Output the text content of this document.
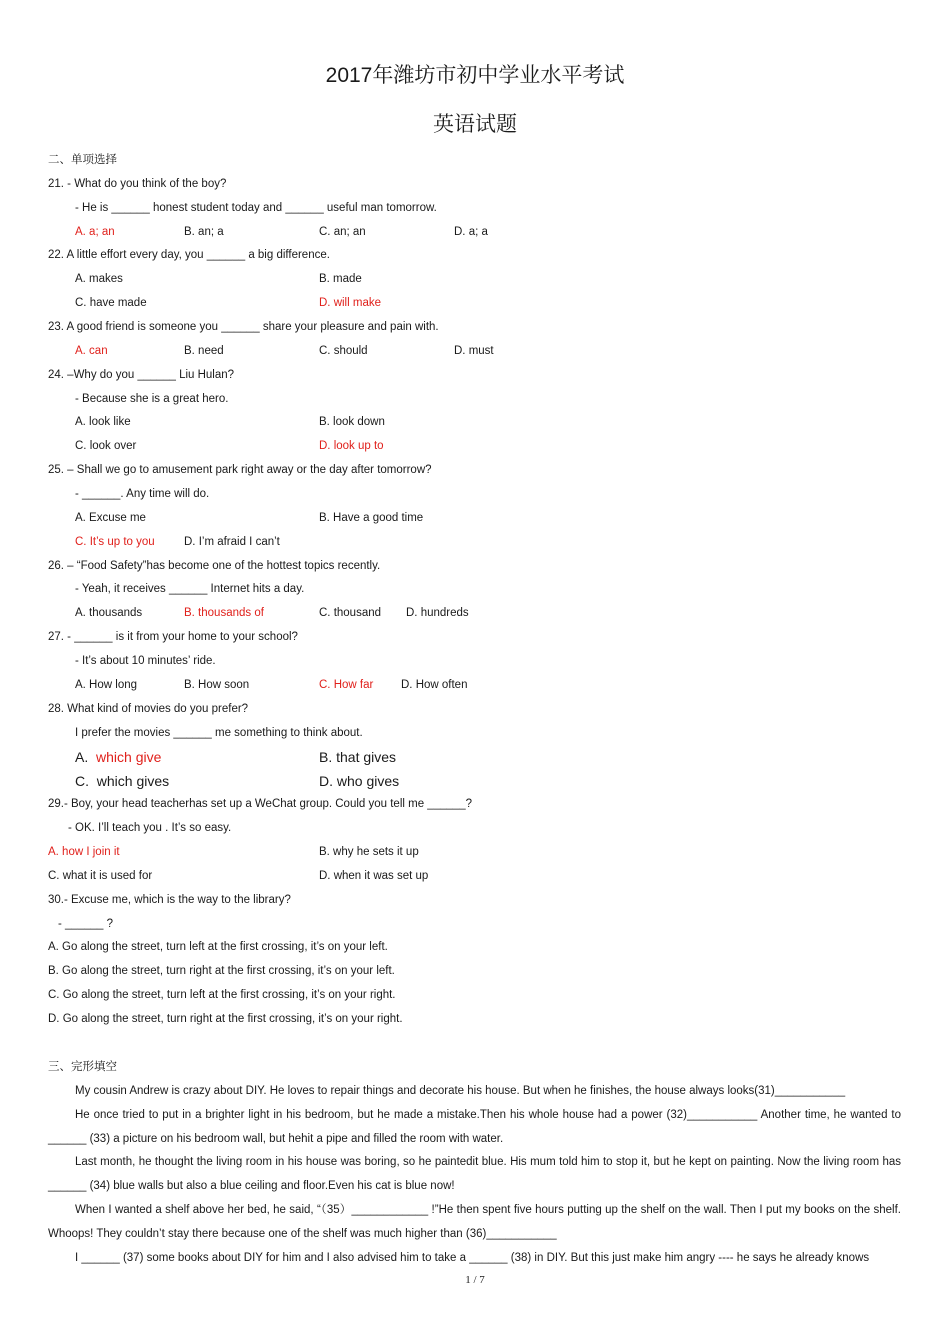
2017年潍坊市初中学业水平考试
英语试题
二、单项选择
21. - What do you think of the boy?
- He is ______ honest student today and ______ useful man tomorrow.
A. a; an	B. an; a	C. an; an	D. a; a
22. A little effort every day, you ______ a big difference.
A. makes	B. made
C. have made	D. will make
23. A good friend is someone you ______ share your pleasure and pain with.
A. can	B. need	C. should	D. must
24. –Why do you ______ Liu Hulan?
- Because she is a great hero.
A. look like	B. look down
C. look over	D. look up to
25. – Shall we go to amusement park right away or the day after tomorrow?
- ______. Any time will do.
A. Excuse me	B. Have a good time
C. It’s up to you	D. I’m afraid I can’t
26. – “Food Safety”has become one of the hottest topics recently.
- Yeah, it receives ______ Internet hits a day.
A. thousands	B. thousands of	C. thousand D. hundreds
27. - ______ is it from your home to your school?
- It’s about 10 minutes’ ride.
A. How long	B. How soon	C. How far D. How often
28. What kind of movies do you prefer?
I prefer the movies ______ me something to think about.
A. which give	B. that gives
C. which gives	D. who gives
29.- Boy, your head teacherhas set up a WeChat group. Could you tell me ______?
- OK. I’ll teach you . It’s so easy.
A. how I join it	B. why he sets it up
C. what it is used for	D. when it was set up
30.- Excuse me, which is the way to the library?
- ______ ?
A. Go along the street, turn left at the first crossing, it’s on your left.
B. Go along the street, turn right at the first crossing, it’s on your left.
C. Go along the street, turn left at the first crossing, it’s on your right.
D. Go along the street, turn right at the first crossing, it’s on your right.
三、完形填空
My cousin Andrew is crazy about DIY. He loves to repair things and decorate his house. But when he finishes, the house always looks(31)___________
He once tried to put in a brighter light in his bedroom, but he made a mistake.Then his whole house had a power (32)___________ Another time, he wanted to ______ (33) a picture on his bedroom wall, but hehit a pipe and filled the room with water.
Last month, he thought the living room in his house was boring, so he paintedit blue. His mum told him to stop it, but he kept on painting. Now the living room has ______ (34) blue walls but also a blue ceiling and floor.Even his cat is blue now!
When I wanted a shelf above her bed, he said, “（35）____________ !”He then spent five hours putting up the shelf on the wall. Then I put my books on the shelf. Whoops! They couldn’t stay there because one of the shelf was much higher than (36)___________
I ______ (37) some books about DIY for him and I also advised him to take a ______ (38) in DIY. But this just make him angry ---- he says he already knows
1 / 7
